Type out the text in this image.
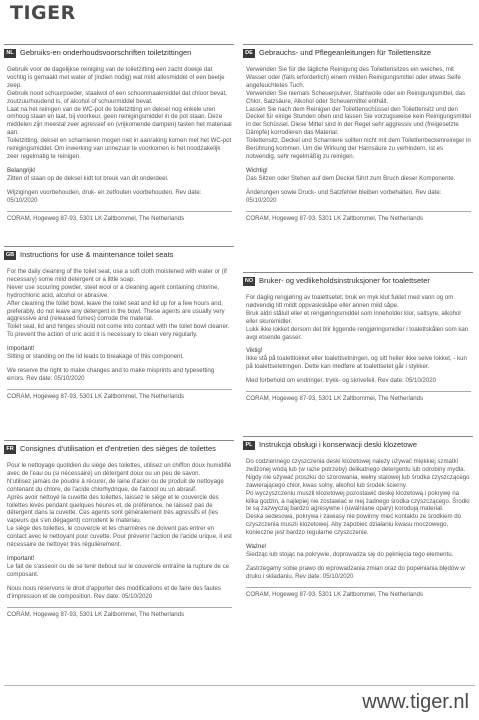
TIGER
NL Gebruiks-en onderhoudsvoorschriften toiletzittingen

Gebruik voor de dagelijkse reiniging van de toiletzitting een zacht doekje dat vochtig is gemaakt met water of (indien nodig) wat mild allesmiddel of een beetje zeep.

Gebruik nooit schuurpoeder, staalwol of een schoonmaakmiddel dat chloor bevat, zoutzuurhoudend is, of alcohol of schuurmiddel bevat.

Laat na het reinigen van de WC-pot de toiletzitting en deksel nog enkele uren omhoog staan en laat, bij voorkeur, geen reinigingsmiddel in de pot staan. Deze middelen zijn meestal zeer agressief en (vrijkomende dampen) tasten het materiaal aan.

Toiletzitting, deksel en scharnieren mogen niet in aanraking komen met het WC-pot reinigingsmiddel. Om inwerking van urinezuur te voorkomen is het noodzakelijk zeer regelmatig te reinigen.

Belangrijk!

Zitten of staan op de deksel kidt tot breuk van dit onderdeel.

Wijzigingen voorbehouden, druk- en zetfouten voorbehouden. Rev date: 05/10/2020

CORAM, Hogeweg 87-93, 5301 LK Zaltbommel, The Netherlands
GB Instructions for use & maintenance toilet seats

For the daily cleaning of the toilet seat, use a soft cloth moistened with water or (if necessary) some mild detergent or a little soap.

Never use scouring powder, steel wool or a cleaning agent containing chlorine, hydrochloric acid, alcohol or abrasive.

After cleaning the toilet bowl, leave the toilet seat and lid up for a few hours and, preferably, do not leave any detergent in the bowl. These agents are usually very aggressive and (released fumes) corrode the material.

Toilet seat, lid and hinges should not come into contact with the toilet bowl cleaner. To prevent the action of uric acid it is necessary to clean very regularly.

Important!

Sitting or standing on the lid leads to breakage of this component.

We reserve the right to make changes and to make misprints and typesetting errors. Rev date: 05/10/2020

CORAM, Hogeweg 87-93, 5301 LK Zaltbommel, The Netherlands
FR Consignes d'utilisation et d'entretien des sièges de toilettes

Pour le nettoyage quotidien du siège des toilettes, utilisez un chiffon doux humidifié avec de l'eau ou (si nécessaire) un détergent doux ou un peu de savon.

N'utilisez jamais de poudre à récurer, de laine d'acier ou de produit de nettoyage contenant du chlore, de l'acide chlorhydrique, de l'alcool ou un abrasif.

Après avoir nettoyé la cuvette des toilettes, laissez le siège et le couvercle des toilettes levés pendant quelques heures et, de préférence, ne laissez pas de détergent dans la cuvette. Ces agents sont généralement très agressifs et (les vapeurs qui s'en dégagent) corrodent le matériau.

Le siège des toilettes, le couvercle et les charnières ne doivent pas entrer en contact avec le nettoyant pour cuvette. Pour prévenir l'action de l'acide urique, il est nécessaire de nettoyer très régulièrement.

Important!

Le fait de s'asseoir ou de se tenir debout sur le couvercle entraîne la rupture de ce composant.

Nous nous réservons le droit d'apporter des modifications et de faire des fautes d'impression et de composition. Rev date: 05/10/2020

CORAM, Hogeweg 87-93, 5301 LK Zaltbommel, The Netherlands
DE Gebrauchs- und Pflegeanleitungen für Toilettensitze

Verwenden Sie für die tägliche Reinigung des Toilettensitzes ein weiches, mit Wasser oder (falls erforderlich) einem milden Reinigungsmittel oder etwas Seife angefeuchtetes Tuch.

Verwenden Sie niemals Scheuerpulver, Stahlwolle oder ein Reinigungsmittel, das Chlor, Salzsäure, Alkohol oder Scheuermittel enthält.

Lassen Sie nach dem Reinigen der Toilettenschüssel den Toilettensitz und den Deckel für einige Stunden oben und lassen Sie vorzugsweise kein Reinigungsmittel in der Schüssel. Diese Mittel sind in der Regel sehr aggressiv und (freigesetzte Dämpfe) korrodieren das Material.

Toilettensitz, Deckel und Scharniere sollten nicht mit dem Toilettenbeckenreiniger in Berührung kommen. Um die Wirkung der Harnsäure zu verhindern, ist es notwendig, sehr regelmäßig zu reinigen.

Wichtig!

Das Sitzen oder Stehen auf dem Deckel führt zum Bruch dieser Komponente.

Änderungen sowie Druck- und Satzfehler bleiben vorbehalten. Rev date: 05/10/2020

CORAM, Hogeweg 87-93, 5301 LK Zaltbommel, The Netherlands
NO Bruker- og vedlikeholdsinstruksjoner for toalettseter

For daglig rengjøring av toalettsetet, bruk en myk klut fuktet med vann og om nødvendig litt mildt oppvaskskåpe eller annen mild såpe.

Bruk aldri stålull eller et rengjøringsmiddel som inneholder klor, saltsyre, alkohol eller skuremidler.

Lukk ikke lokket dersom det blir liggende rengjøringsmidler i toalettskålen som kan avgi etsende gasser.

Viktig!

Ikke stå på toalettlokket eller toalettsetningen, og sitt heller ikke selve lokket, - kun på toalettsetetringen. Dette kan medføre at toalettsetet går i stykker.

Med forbehold om endringer, trykk- og skrivefeil. Rev date: 05/10/2020

CORAM, Hogeweg 87-93, 5301 LK Zaltbommel, The Netherlands
PL Instrukcja obsługi i konserwacji deski klozetowe

Do codziennego czyszczenia deski klozetowej należy używać miękkiej szmatki zwilżonej wodą lub (w razie potrzeby) delikatnego detergentu lub odrobiny mydła.

Nigdy nie używać proszku do szorowania, wełny stalowej lub środka czyszczącego zawierającego chlor, kwas solny, alkohol lub środek ścierny.

Po wyczyszczeniu muszli klozetowej pozostawić deskę klozetową i pokrywę na kilka godzin, a najlepiej nie zostawiać w niej żadnego środka czyszczącego. Środki te są zazwyczaj bardzo agresywne i (uwalniane opary) korodują materiał.

Deska sedesowa, pokrywa i zawiasy nie powinny mieć kontaktu ze środkiem do czyszczenia muszli klozetowej. Aby zapobiec działaniu kwasu moczowego, konieczne jest bardzo regularne czyszczenie.

Ważne!

Siedząc lub stojąc na pokrywie, doprowadza się do pęknięcia tego elementu.

Zastrzegamy sobie prawo do wprowadzania zmian oraz do popełniania błędów w druku i składaniu. Rev date: 05/10/2020

CORAM, Hogeweg 87-93, 5301 LK Zaltbommel, The Netherlands
www.tiger.nl
